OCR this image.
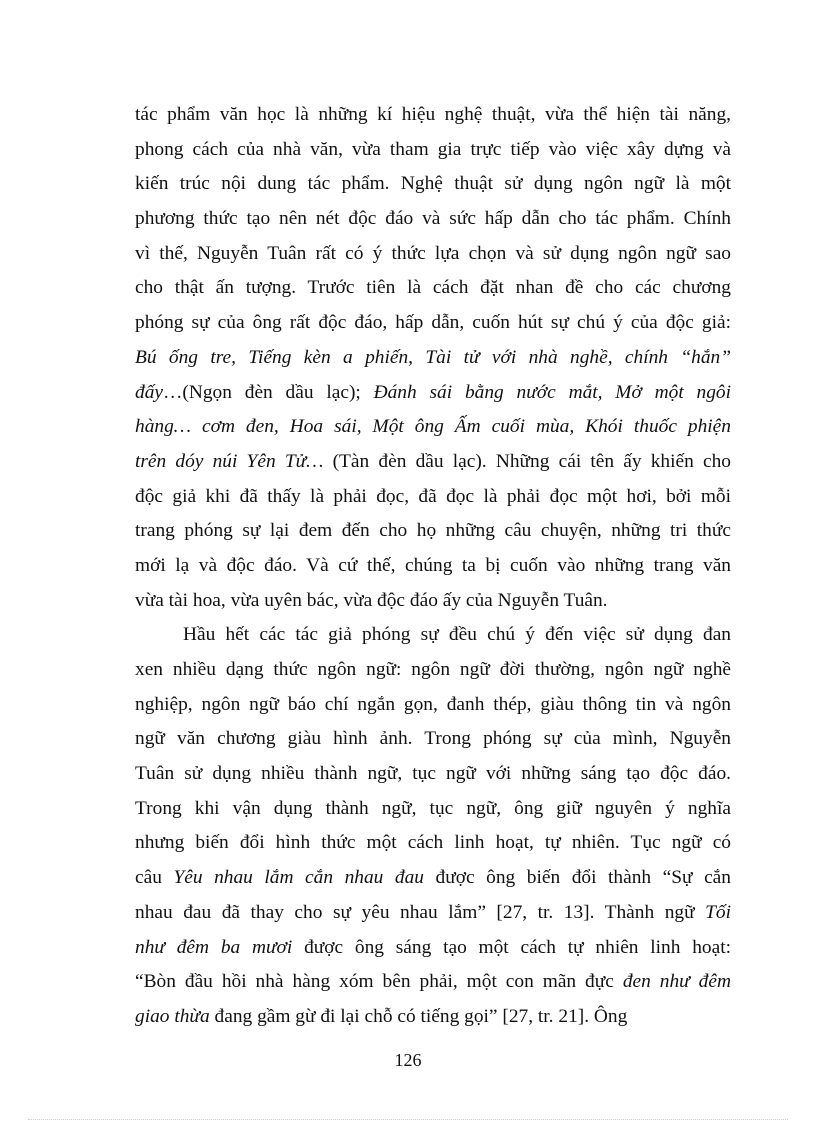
tác phẩm văn học là những kí hiệu nghệ thuật, vừa thể hiện tài năng,
phong cách của nhà văn, vừa tham gia trực tiếp vào việc xây dựng và
kiến trúc nội dung tác phẩm. Nghệ thuật sử dụng ngôn ngữ là một
phương thức tạo nên nét độc đáo và sức hấp dẫn cho tác phẩm. Chính
vì thế, Nguyễn Tuân rất có ý thức lựa chọn và sử dụng ngôn ngữ sao
cho thật ấn tượng. Trước tiên là cách đặt nhan đề cho các chương
phóng sự của ông rất độc đáo, hấp dẫn, cuốn hút sự chú ý của độc giả:
Bú ống tre, Tiếng kèn a phiến, Tài tử với nhà nghề, chính “hắn”
đấy…(Ngọn đèn dầu lạc); Đánh sái bằng nước mắt, Mở một ngôi
hàng… cơm đen, Hoa sái, Một ông Ấm cuối mùa, Khói thuốc phiện
trên dóy núi Yên Tử… (Tàn đèn dầu lạc). Những cái tên ấy khiến cho
độc giả khi đã thấy là phải đọc, đã đọc là phải đọc một hơi, bởi mỗi
trang phóng sự lại đem đến cho họ những câu chuyện, những tri thức
mới lạ và độc đáo. Và cứ thế, chúng ta bị cuốn vào những trang văn
vừa tài hoa, vừa uyên bác, vừa độc đáo ấy của Nguyễn Tuân.
Hầu hết các tác giả phóng sự đều chú ý đến việc sử dụng đan
xen nhiều dạng thức ngôn ngữ: ngôn ngữ đời thường, ngôn ngữ nghề
nghiệp, ngôn ngữ báo chí ngắn gọn, đanh thép, giàu thông tin và ngôn
ngữ văn chương giàu hình ảnh. Trong phóng sự của mình, Nguyễn
Tuân sử dụng nhiều thành ngữ, tục ngữ với những sáng tạo độc đáo.
Trong khi vận dụng thành ngữ, tục ngữ, ông giữ nguyên ý nghĩa
nhưng biến đổi hình thức một cách linh hoạt, tự nhiên. Tục ngữ có
câu Yêu nhau lắm cắn nhau đau được ông biến đổi thành “Sự cắn
nhau đau đã thay cho sự yêu nhau lắm” [27, tr. 13]. Thành ngữ Tối
như đêm ba mươi được ông sáng tạo một cách tự nhiên linh hoạt:
“Bòn đầu hồi nhà hàng xóm bên phải, một con mãn đực đen như đêm
giao thừa đang gầm gừ đi lại chỗ có tiếng gọi” [27, tr. 21]. Ông
126
